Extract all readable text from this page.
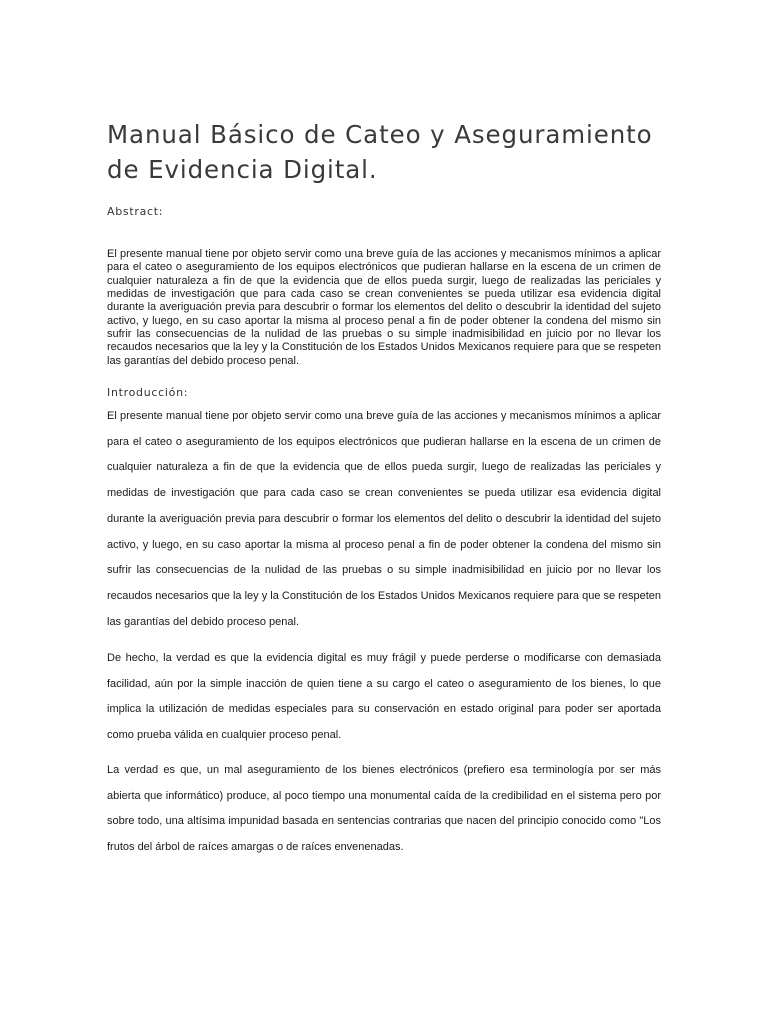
Manual Básico de Cateo y Aseguramiento de Evidencia Digital.

Abstract:

El presente manual tiene por objeto servir como una breve guía de las acciones y mecanismos mínimos a aplicar para el cateo o aseguramiento de los equipos electrónicos que pudieran hallarse en la escena de un crimen de cualquier naturaleza a fin de que la evidencia que de ellos pueda surgir, luego de realizadas las periciales y medidas de investigación que para cada caso se crean convenientes se pueda utilizar esa evidencia digital durante la averiguación previa para descubrir o formar los elementos del delito o descubrir la identidad del sujeto activo, y luego, en su caso aportar la misma al proceso penal a fin de poder obtener la condena del mismo sin sufrir las consecuencias de la nulidad de las pruebas o su simple inadmisibilidad en juicio por no llevar los recaudos necesarios que la ley y la Constitución de los Estados Unidos Mexicanos requiere para que se respeten las garantías del debido proceso penal.

Introducción:

El presente manual tiene por objeto servir como una breve guía de las acciones y mecanismos mínimos a aplicar para el cateo o aseguramiento de los equipos electrónicos que pudieran hallarse en la escena de un crimen de cualquier naturaleza a fin de que la evidencia que de ellos pueda surgir, luego de realizadas las periciales y medidas de investigación que para cada caso se crean convenientes se pueda utilizar esa evidencia digital durante la averiguación previa para descubrir o formar los elementos del delito o descubrir la identidad del sujeto activo, y luego, en su caso aportar la misma al proceso penal a fin de poder obtener la condena del mismo sin sufrir las consecuencias de la nulidad de las pruebas o su simple inadmisibilidad en juicio por no llevar los recaudos necesarios que la ley y la Constitución de los Estados Unidos Mexicanos requiere para que se respeten las garantías del debido proceso penal.

De hecho, la verdad es que la evidencia digital es muy frágil y puede perderse o modificarse con demasiada facilidad, aún por la simple inacción de quien tiene a su cargo el cateo o aseguramiento de los bienes, lo que implica la utilización de medidas especiales para su conservación en estado original para poder ser aportada como prueba válida en cualquier proceso penal.

La verdad es que, un mal aseguramiento de los bienes electrónicos (prefiero esa terminología por ser más abierta que informático) produce, al poco tiempo una monumental caída de la credibilidad en el sistema pero por sobre todo, una altísima impunidad basada en sentencias contrarias que nacen del principio conocido como "Los frutos del árbol de raíces amargas o de raíces envenenadas.
